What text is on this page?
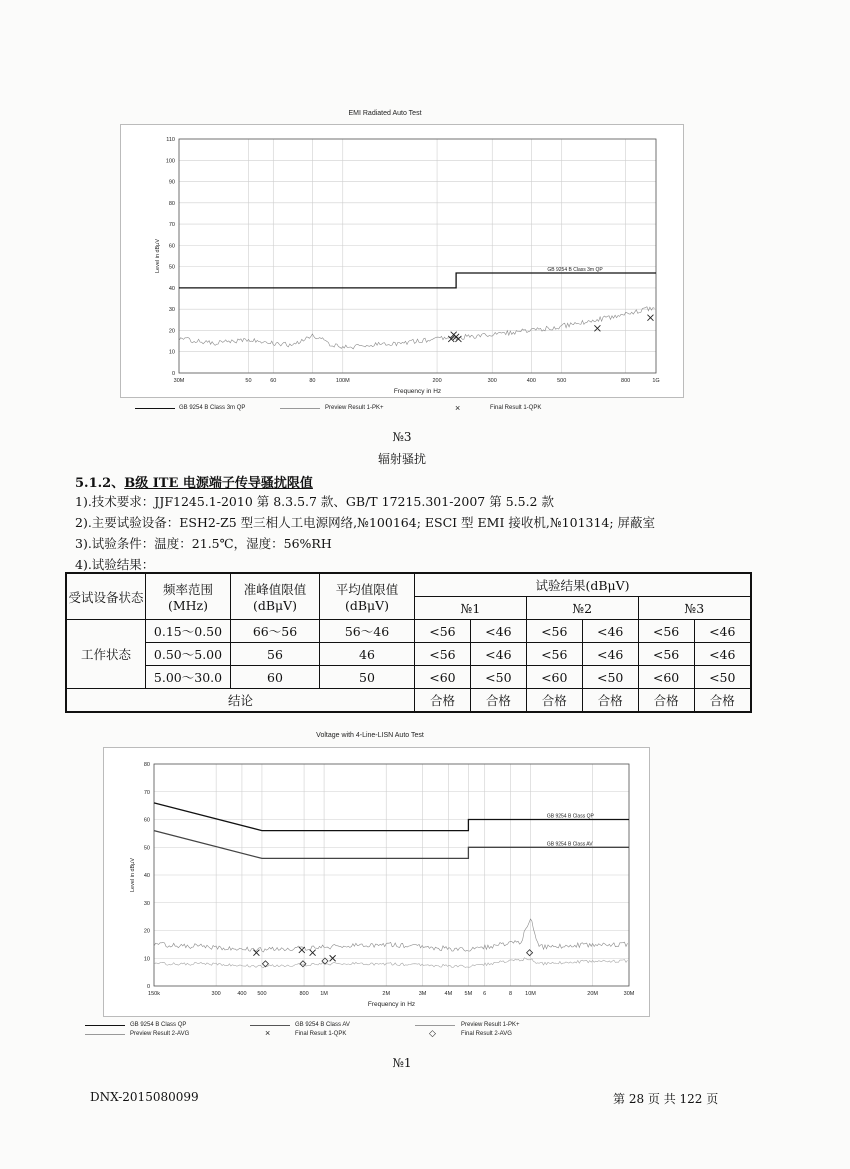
EMI Radiated Auto Test
0
10
20
30
40
50
60
70
80
90
100
110
30M	50	60	80	100M	200	300	400	500	800	1G
Frequency in Hz
Level in dBµV	GB 9254 B Class 3m QP
GB 9254 B Class 3m QP	Preview Result 1-PK+	×	Final Result 1-QPK
№3
辐射骚扰
5.1.2、B级 ITE 电源端子传导骚扰限值
1).技术要求：JJF1245.1-2010 第 8.3.5.7 款、GB/T 17215.301-2007 第 5.5.2 款
2).主要试验设备：ESH2-Z5 型三相人工电源网络,№100164; ESCI 型 EMI 接收机,№101314; 屏蔽室
3).试验条件：温度：21.5℃，湿度：56%RH
4).试验结果：
受试设备状态	频率范围(MHz)	准峰值限值(dBμV)	平均值限值(dBμV)	试验结果(dBμV)					
				№1		№2		№3	
工作状态	0.15～0.50	66～56	56～46	<56	<46	<56	<46	<56	<46
	0.50～5.00	56	46	<56	<46	<56	<46	<56	<46
	5.00～30.0	60	50	<60	<50	<60	<50	<60	<50
结论				合格	合格	合格	合格	合格	合格
Voltage with 4-Line-LISN Auto Test
0
10
20
30
40
50
60
70
80
150k	300	400 500	800 1M	2M	3M	4M 5M 6	8 10M	20M	30M
Frequency in Hz
Level in dBµV
GB 9254 B Class QP
GB 9254 B Class AV
GB 9254 B Class QP
Preview Result 2-AVG
GB 9254 B Class AV
×	Final Result 1-QPK
Preview Result 1-PK+
◇	Final Result 2-AVG
№1
DNX-2015080099	第 28 页 共 122 页
